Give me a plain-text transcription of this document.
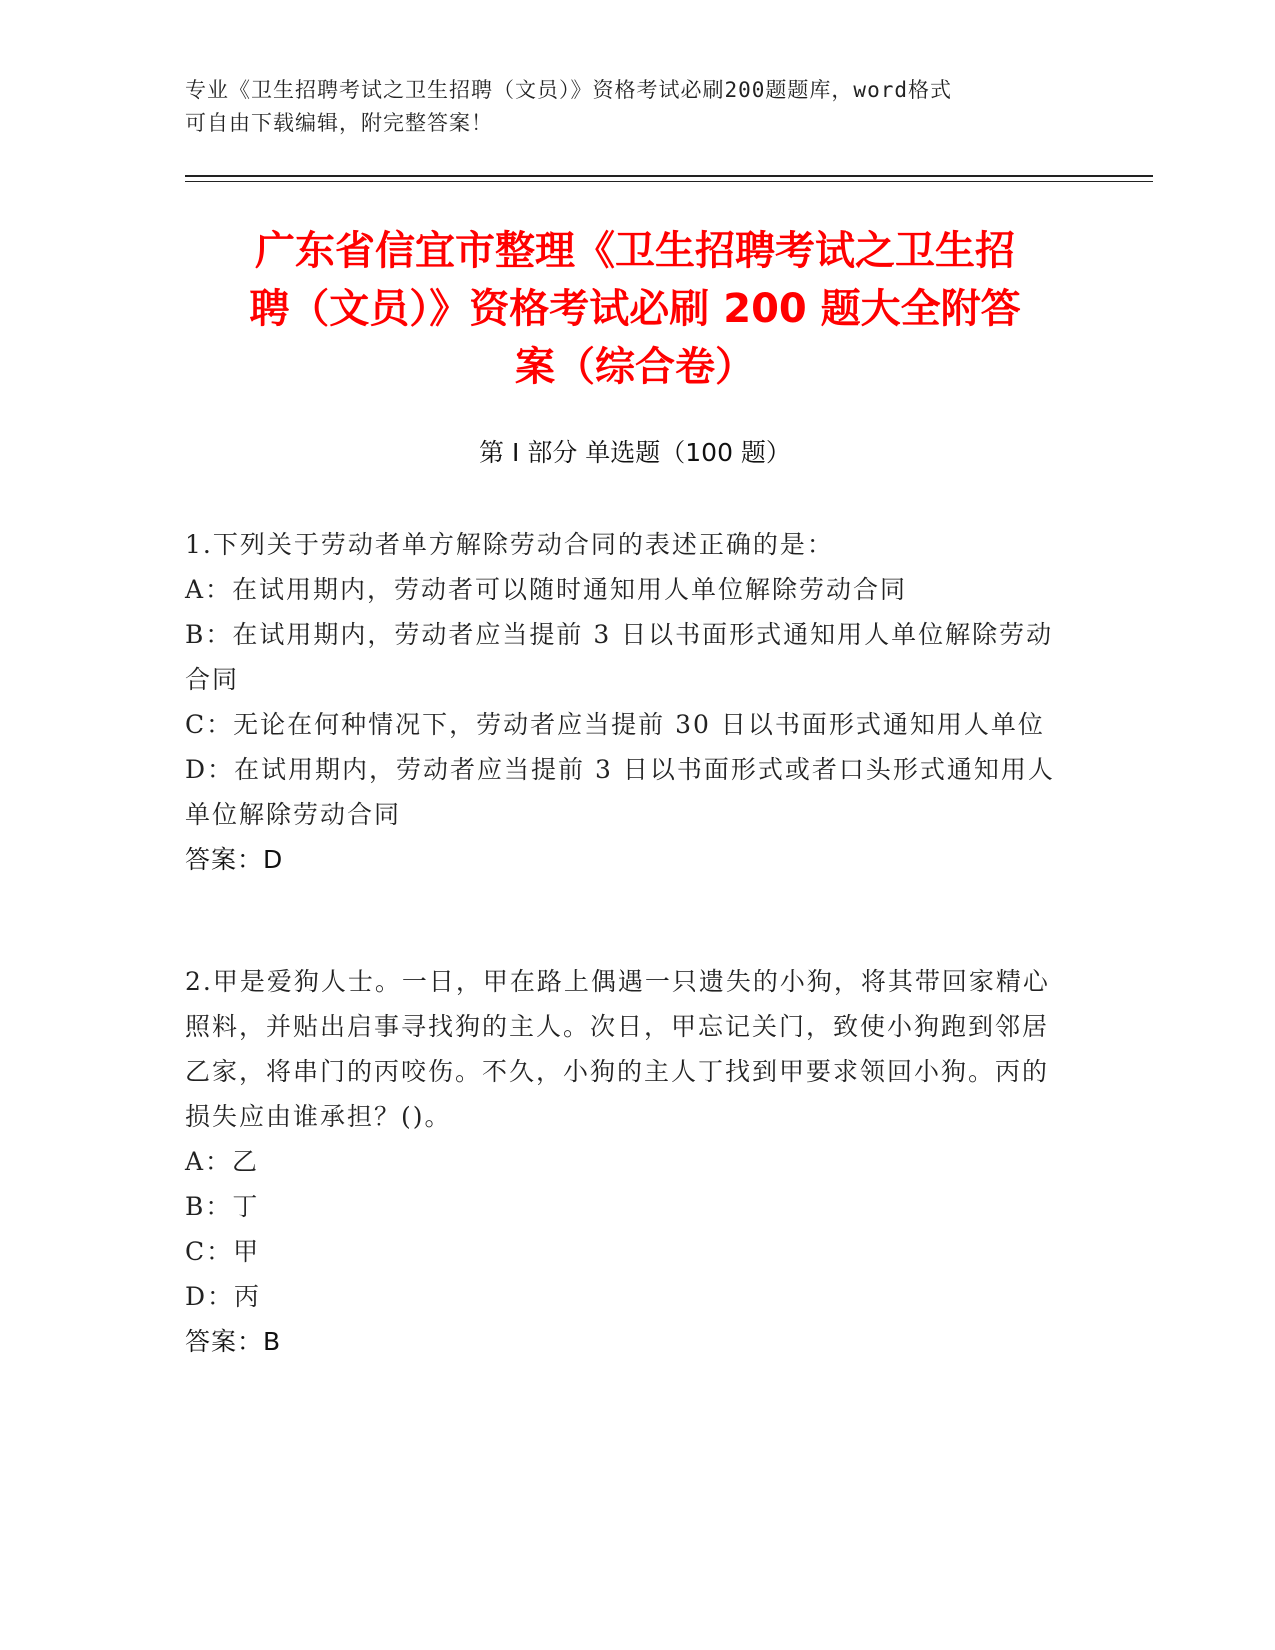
专业《卫生招聘考试之卫生招聘（文员）》资格考试必刷200题题库，word格式
可自由下载编辑，附完整答案！
广东省信宜市整理《卫生招聘考试之卫生招
聘（文员）》资格考试必刷 200 题大全附答
案（综合卷）
第 I 部分 单选题（100 题）

1.下列关于劳动者单方解除劳动合同的表述正确的是：

A：在试用期内，劳动者可以随时通知用人单位解除劳动合同

B：在试用期内，劳动者应当提前 3 日以书面形式通知用人单位解除劳动合同

C：无论在何种情况下，劳动者应当提前 30 日以书面形式通知用人单位

D：在试用期内，劳动者应当提前 3 日以书面形式或者口头形式通知用人单位解除劳动合同

答案：D

2.甲是爱狗人士。一日，甲在路上偶遇一只遗失的小狗，将其带回家精心照料，并贴出启事寻找狗的主人。次日，甲忘记关门，致使小狗跑到邻居乙家，将串门的丙咬伤。不久，小狗的主人丁找到甲要求领回小狗。丙的损失应由谁承担？()。

A：乙

B：丁

C：甲

D：丙

答案：B
